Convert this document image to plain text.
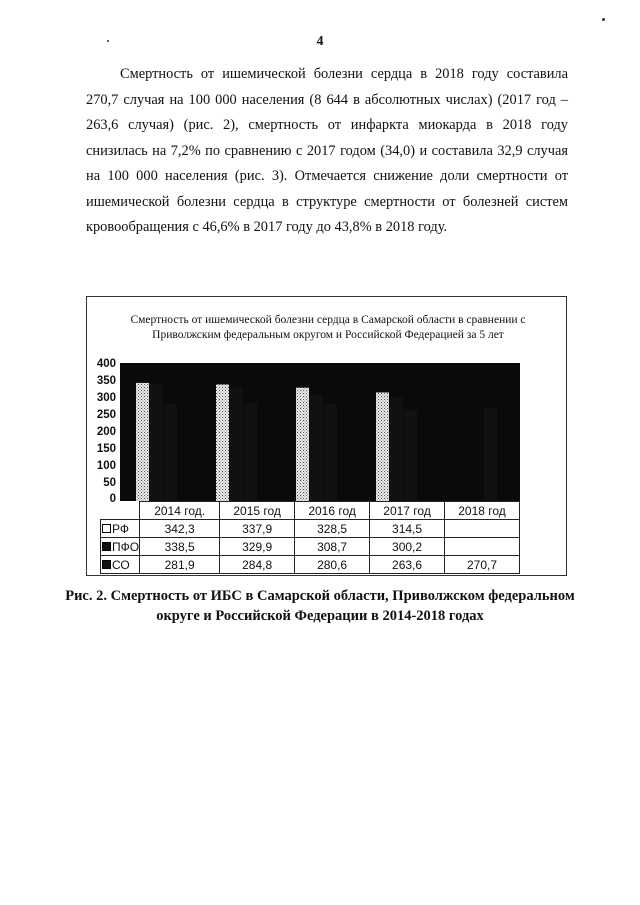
4

Смертность от ишемической болезни сердца в 2018 году составила 270,7 случая на 100 000 населения (8 644 в абсолютных числах) (2017 год – 263,6 случая) (рис. 2), смертность от инфаркта миокарда в 2018 году снизилась на 7,2% по сравнению с 2017 годом (34,0) и составила 32,9 случая на 100 000 населения (рис. 3). Отмечается снижение доли смертности от ишемической болезни сердца в структуре смертности от болезней систем кровообращения с 46,6% в 2017 году до 43,8% в 2018 году.

Смертность от ишемической болезни сердца в Самарской области в сравнении с Приволжским федеральным округом и Российской Федерацией за 5 лет
400
350
300
250
200
150
100
50
0
	2014 год.	2015 год	2016 год	2017 год	2018 год
РФ	342,3	337,9	328,5	314,5	
ПФО	338,5	329,9	308,7	300,2	
СО	281,9	284,8	280,6	263,6	270,7
Рис. 2. Смертность от ИБС в Самарской области, Приволжском федеральном округе и Российской Федерации в 2014-2018 годах
